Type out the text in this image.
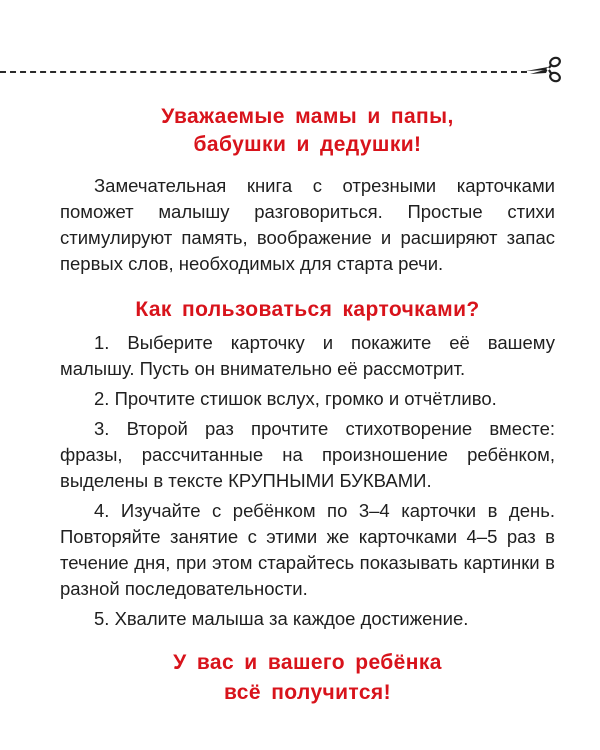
Уважаемые мамы и папы,
бабушки и дедушки!

Замечательная книга с отрезными карточками поможет малышу разговориться. Простые стихи стимулируют память, воображение и расширяют запас первых слов, необходимых для старта речи.

Как пользоваться карточками?

1. Выберите карточку и покажите её вашему малышу. Пусть он внимательно её рассмотрит.

2. Прочтите стишок вслух, громко и отчётливо.

3. Второй раз прочтите стихотворение вместе: фразы, рассчитанные на произношение ребёнком, выделены в тексте КРУПНЫМИ БУКВАМИ.

4. Изучайте с ребёнком по 3–4 карточки в день. Повторяйте занятие с этими же карточками 4–5 раз в течение дня, при этом старайтесь показывать картинки в разной последовательности.

5. Хвалите малыша за каждое достижение.

У вас и вашего ребёнка
всё получится!
